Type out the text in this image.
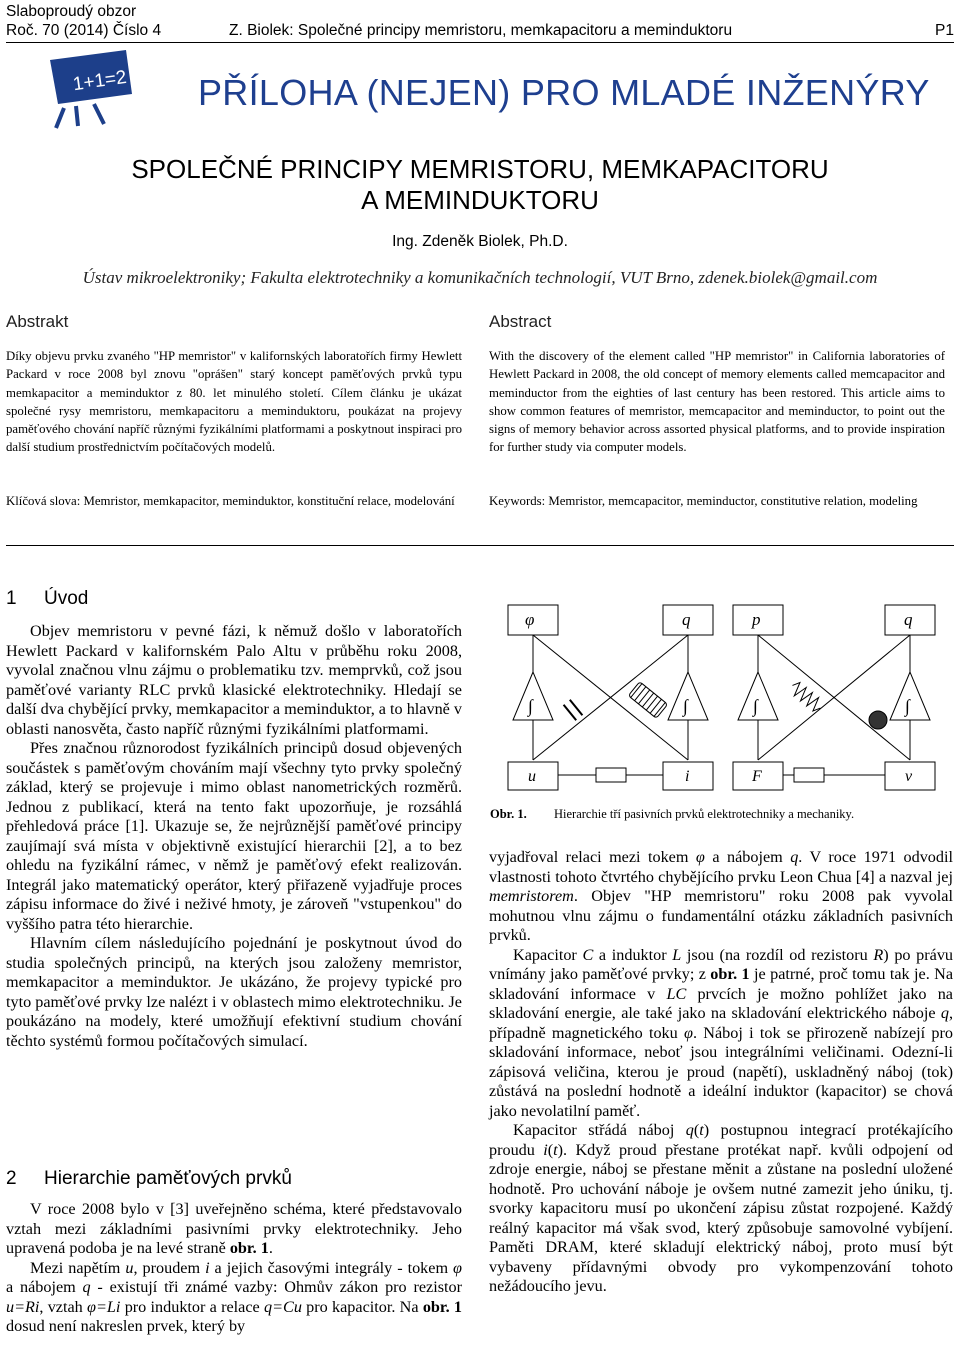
Slaboproudý obzor
Roč. 70 (2014) Číslo 4	Z. Biolek: Společné principy memristoru, memkapacitoru a meminduktoru	P1
1+1=2 PŘÍLOHA (NEJEN) PRO MLADÉ INŽENÝRY
SPOLEČNÉ PRINCIPY MEMRISTORU, MEMKAPACITORU
A MEMINDUKTORU
Ing. Zdeněk Biolek, Ph.D.
Ústav mikroelektroniky; Fakulta elektrotechniky a komunikačních technologií, VUT Brno, zdenek.biolek@gmail.com
Abstrakt
Díky objevu prvku zvaného "HP memristor" v kalifornských laboratořích firmy Hewlett Packard v roce 2008 byl znovu "oprášen" starý koncept paměťových prvků typu memkapacitor a meminduktor z 80. let minulého století. Cílem článku je ukázat společné rysy memristoru, memkapacitoru a meminduktoru, poukázat na projevy paměťového chování napříč různými fyzikálními platformami a poskytnout inspiraci pro další studium prostřednictvím počítačových modelů.
Klíčová slova: Memristor, memkapacitor, meminduktor, konstituční relace, modelování
Abstract
With the discovery of the element called "HP memristor" in California laboratories of Hewlett Packard in 2008, the old concept of memory elements called memcapacitor and meminductor from the eighties of last century has been restored. This article aims to show common features of memristor, memcapacitor and meminductor, to point out the signs of memory behavior across assorted physical platforms, and to provide inspiration for further study via computer models.
Keywords: Memristor, memcapacitor, meminductor, constitutive relation, modeling
1 Úvod

Objev memristoru v pevné fázi, k němuž došlo v laboratořích Hewlett Packard v kalifornském Palo Altu v průběhu roku 2008, vyvolal značnou vlnu zájmu o problematiku tzv. memprvků, což jsou paměťové varianty RLC prvků klasické elektrotechniky. Hledají se další dva chybějící prvky, memkapacitor a meminduktor, a to hlavně v oblasti nanosvěta, často napříč různými fyzikálními platformami.

Přes značnou různorodost fyzikálních principů dosud objevených součástek s paměťovým chováním mají všechny tyto prvky společný základ, který se projevuje i mimo oblast nanometrických rozměrů. Jednou z publikací, která na tento fakt upozorňuje, je rozsáhlá přehledová práce [1]. Ukazuje se, že nejrůznější paměťové principy zaujímají svá místa v objektivně existující hierarchii [2], a to bez ohledu na fyzikální rámec, v němž je paměťový efekt realizován. Integrál jako matematický operátor, který přiřazeně vyjadřuje proces zápisu informace do živé i neživé hmoty, je zároveň "vstupenkou" do vyššího patra této hierarchie.

Hlavním cílem následujícího pojednání je poskytnout úvod do studia společných principů, na kterých jsou založeny memristor, memkapacitor a meminduktor. Je ukázáno, že projevy typické pro tyto paměťové prvky lze nalézt i v oblastech mimo elektrotechniku. Je poukázáno na modely, které umožňují efektivní studium chování těchto systémů formou počítačových simulací.

2 Hierarchie paměťových prvků

V roce 2008 bylo v [3] uveřejněno schéma, které představovalo vztah mezi základními pasivními prvky elektrotechniky. Jeho upravená podoba je na levé straně obr. 1.

Mezi napětím u, proudem i a jejich časovými integrály - tokem φ a nábojem q - existují tři známé vazby: Ohmův zákon pro rezistor u=Ri, vztah φ=Li pro induktor a relace q=Cu pro kapacitor. Na obr. 1 dosud není nakreslen prvek, který by

φ	q	p	q
∫	∫	∫	∫
u	i	F	v
Obr. 1. Hierarchie tří pasivních prvků elektrotechniky a mechaniky.

vyjadřoval relaci mezi tokem φ a nábojem q. V roce 1971 odvodil vlastnosti tohoto čtvrtého chybějícího prvku Leon Chua [4] a nazval jej memristorem. Objev "HP memristoru" roku 2008 pak vyvolal mohutnou vlnu zájmu o fundamentální otázku základních pasivních prvků.

Kapacitor C a induktor L jsou (na rozdíl od rezistoru R) po právu vnímány jako paměťové prvky; z obr. 1 je patrné, proč tomu tak je. Na skladování informace v LC prvcích je možno pohlížet jako na skladování energie, ale také jako na skladování elektrického náboje q, případně magnetického toku φ. Náboj i tok se přirozeně nabízejí pro skladování informace, neboť jsou integrálními veličinami. Odezní-li zápisová veličina, kterou je proud (napětí), uskladněný náboj (tok) zůstává na poslední hodnotě a ideální induktor (kapacitor) se chová jako nevolatilní paměť.

Kapacitor střádá náboj q(t) postupnou integrací protékajícího proudu i(t). Když proud přestane protékat např. kvůli odpojení od zdroje energie, náboj se přestane měnit a zůstane na poslední uložené hodnotě. Pro uchování náboje je ovšem nutné zamezit jeho úniku, tj. svorky kapacitoru musí po ukončení zápisu zůstat rozpojené. Každý reálný kapacitor má však svod, který způsobuje samovolné vybíjení. Paměti DRAM, které skladují elektrický náboj, proto musí být vybaveny přídavnými obvody pro vykompenzování tohoto nežádoucího jevu.
